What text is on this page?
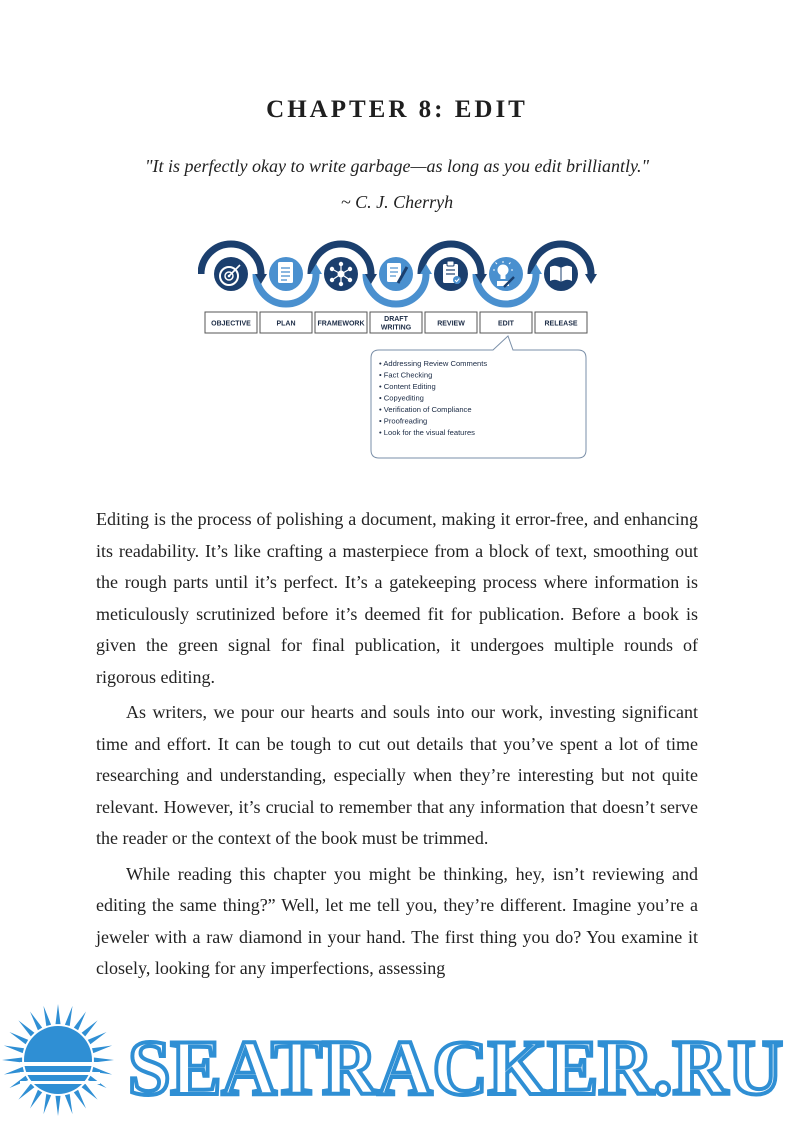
CHAPTER 8: EDIT
"It is perfectly okay to write garbage—as long as you edit brilliantly."
~ C. J. Cherryh
OBJECTIVE	PLAN	FRAMEWORK
DRAFT
WRITING
REVIEW	EDIT	RELEASE
• Addressing Review Comments
• Fact Checking
• Content Editing
• Copyediting
• Verification of Compliance
• Proofreading
• Look for the visual features

Editing is the process of polishing a document, making it error-free, and enhancing its readability. It’s like crafting a masterpiece from a block of text, smoothing out the rough parts until it’s perfect. It’s a gatekeeping process where information is meticulously scrutinized before it’s deemed fit for publication. Before a book is given the green signal for final publication, it undergoes multiple rounds of rigorous editing.

As writers, we pour our hearts and souls into our work, investing significant time and effort. It can be tough to cut out details that you’ve spent a lot of time researching and understanding, especially when they’re interesting but not quite relevant. However, it’s crucial to remember that any information that doesn’t serve the reader or the context of the book must be trimmed.

While reading this chapter you might be thinking, hey, isn’t reviewing and editing the same thing?” Well, let me tell you, they’re different. Imagine you’re a jeweler with a raw diamond in your hand. The first thing you do? You examine it closely, looking for any imperfections, assessing

SEATRACKER.RU
